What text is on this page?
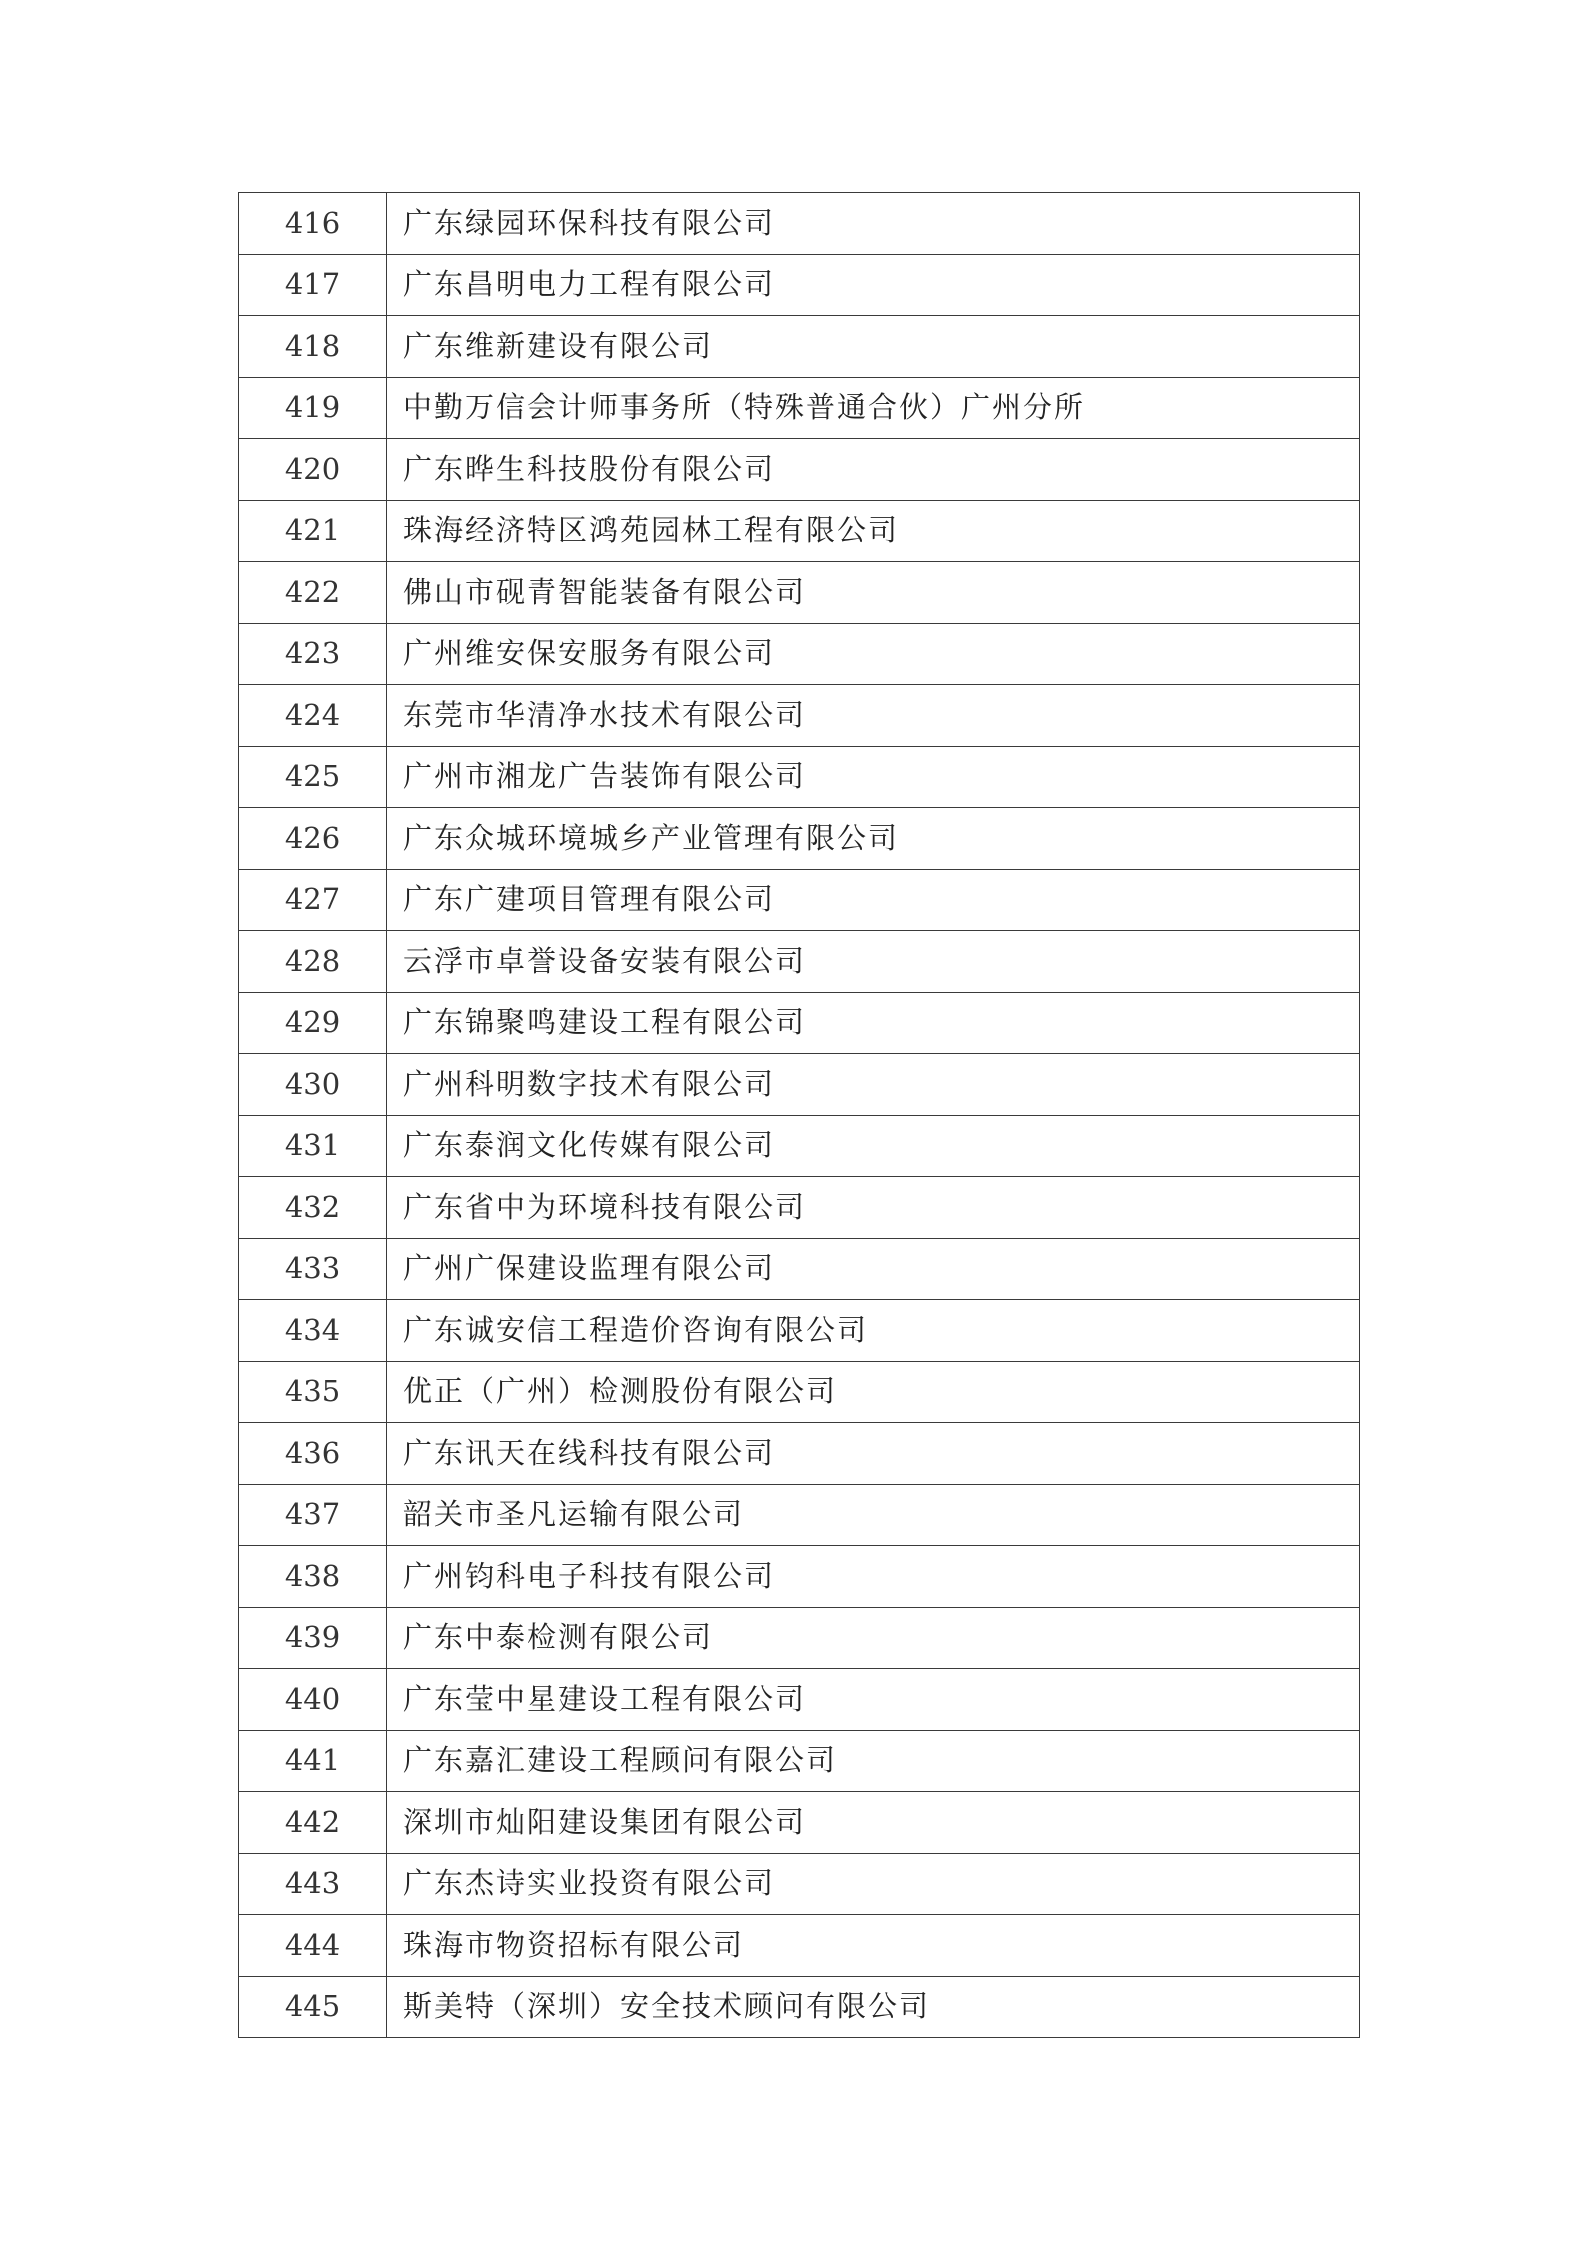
416	广东绿园环保科技有限公司
417	广东昌明电力工程有限公司
418	广东维新建设有限公司
419	中勤万信会计师事务所（特殊普通合伙）广州分所
420	广东晔生科技股份有限公司
421	珠海经济特区鸿苑园林工程有限公司
422	佛山市砚青智能装备有限公司
423	广州维安保安服务有限公司
424	东莞市华清净水技术有限公司
425	广州市湘龙广告装饰有限公司
426	广东众城环境城乡产业管理有限公司
427	广东广建项目管理有限公司
428	云浮市卓誉设备安装有限公司
429	广东锦聚鸣建设工程有限公司
430	广州科明数字技术有限公司
431	广东泰润文化传媒有限公司
432	广东省中为环境科技有限公司
433	广州广保建设监理有限公司
434	广东诚安信工程造价咨询有限公司
435	优正（广州）检测股份有限公司
436	广东讯天在线科技有限公司
437	韶关市圣凡运输有限公司
438	广州钧科电子科技有限公司
439	广东中泰检测有限公司
440	广东莹中星建设工程有限公司
441	广东嘉汇建设工程顾问有限公司
442	深圳市灿阳建设集团有限公司
443	广东杰诗实业投资有限公司
444	珠海市物资招标有限公司
445	斯美特（深圳）安全技术顾问有限公司
